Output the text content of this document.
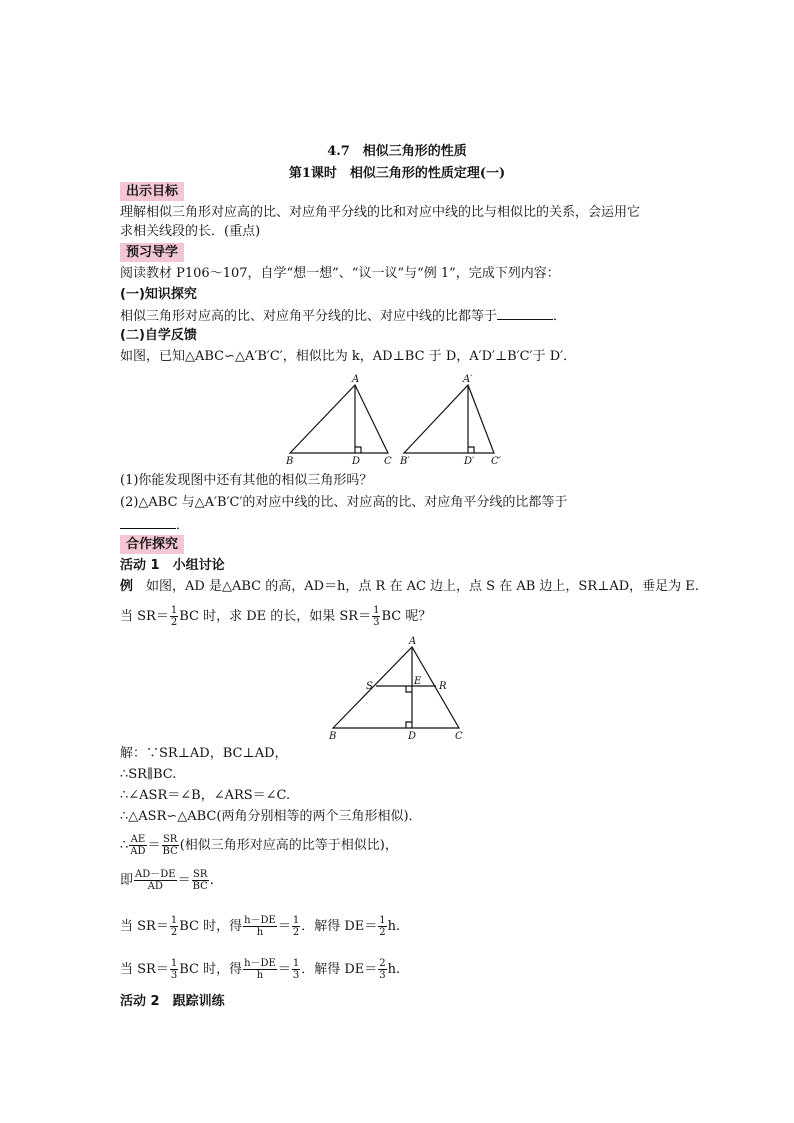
4.7　相似三角形的性质
第1课时　相似三角形的性质定理(一)
出示目标
理解相似三角形对应高的比、对应角平分线的比和对应中线的比与相似比的关系，会运用它
求相关线段的长．(重点)
预习导学
阅读教材 P106～107，自学“想一想”、“议一议”与“例 1”，完成下列内容：
(一)知识探究
相似三角形对应高的比、对应角平分线的比、对应中线的比都等于	．
(二)自学反馈
如图，已知△ABC∽△A′B′C′，相似比为 k，AD⊥BC 于 D，A′D′⊥B′C′于 D′．
A
B	D C
A′
B′	D′ C′
(1)你能发现图中还有其他的相似三角形吗？
(2)△ABC 与△A′B′C′的对应中线的比、对应高的比、对应角平分线的比都等于
．
合作探究
活动 1　小组讨论
例　如图，AD 是△ABC 的高，AD＝h，点 R 在 AC 边上，点 S 在 AB 边上，SR⊥AD，垂足为 E.
当 $SR= \frac{1}{2}$ BC 时，求 DE 的长，如果 $SR= \frac{1}{3}$ BC 呢？
A
S	E R
B	D	C
解：∵SR⊥AD，BC⊥AD，
∴SR∥BC.
∴∠ASR＝∠B，∠ARS＝∠C.
∴△ASR∽△ABC(两角分别相等的两个三角形相似)．
∴ $\frac{AE}{AD} = \frac{SR}{BC}$ (相似三角形对应高的比等于相似比)，
即 $\frac{AD-DE}{AD} = \frac{SR}{BC}$ .
当 $SR= \frac{1}{2}$ BC 时，得 $\frac{h-DE}{h} = \frac{1}{2}$ ．解得 $DE= \frac{1}{2} h$.
当 $SR= \frac{1}{3}$ BC 时，得 $\frac{h-DE}{h} = \frac{1}{3}$ ．解得 $DE= \frac{2}{3} h$.
活动 2　跟踪训练
